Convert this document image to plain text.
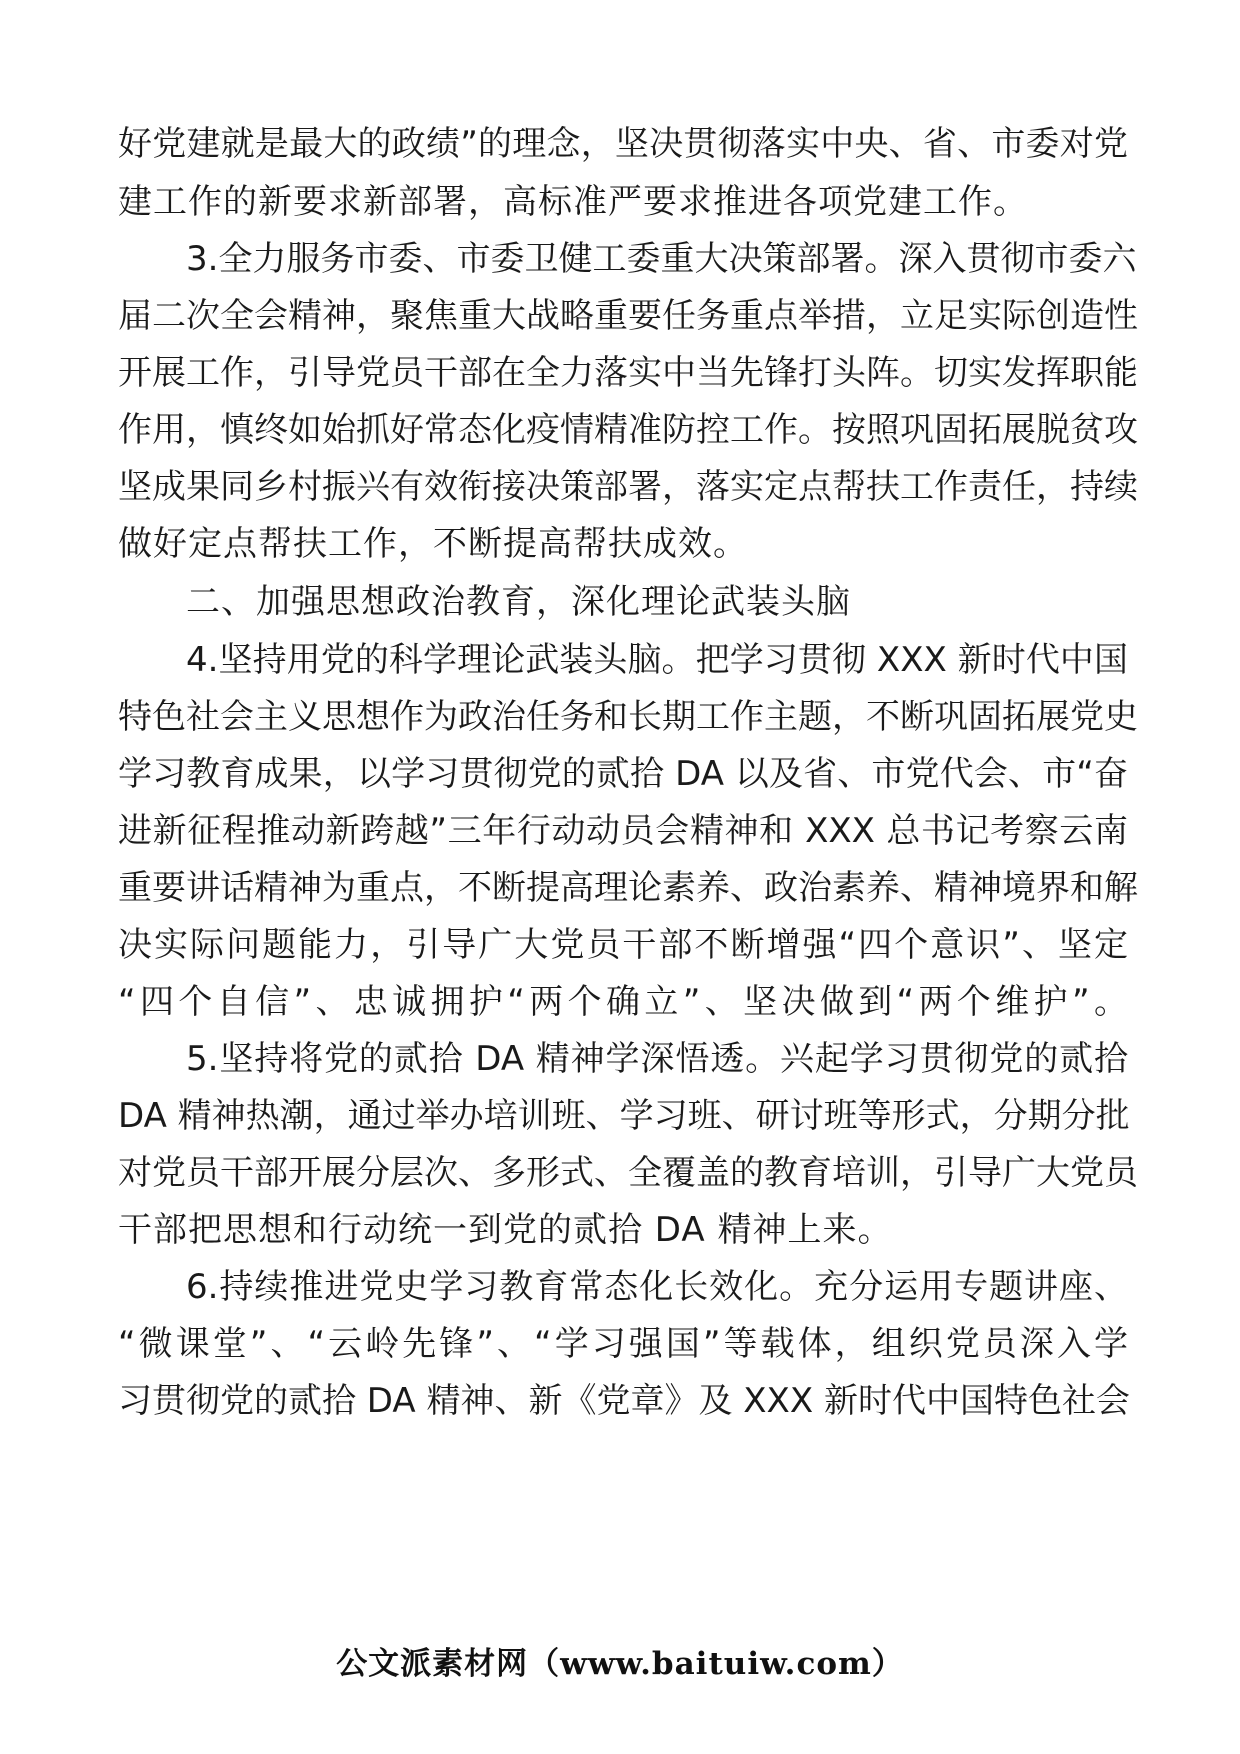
好党建就是最大的政绩”的理念，坚决贯彻落实中央、省、市委对党
建工作的新要求新部署，高标准严要求推进各项党建工作。
3.全力服务市委、市委卫健工委重大决策部署。深入贯彻市委六
届二次全会精神，聚焦重大战略重要任务重点举措，立足实际创造性
开展工作，引导党员干部在全力落实中当先锋打头阵。切实发挥职能
作用，慎终如始抓好常态化疫情精准防控工作。按照巩固拓展脱贫攻
坚成果同乡村振兴有效衔接决策部署，落实定点帮扶工作责任，持续
做好定点帮扶工作，不断提高帮扶成效。
二、加强思想政治教育，深化理论武装头脑
4.坚持用党的科学理论武装头脑。把学习贯彻 XXX 新时代中国
特色社会主义思想作为政治任务和长期工作主题，不断巩固拓展党史
学习教育成果，以学习贯彻党的贰拾 DA 以及省、市党代会、市“奋
进新征程推动新跨越”三年行动动员会精神和 XXX 总书记考察云南
重要讲话精神为重点，不断提高理论素养、政治素养、精神境界和解
决实际问题能力，引导广大党员干部不断增强“四个意识”、坚定
“四个自信”、忠诚拥护“两个确立”、坚决做到“两个维护”。
5.坚持将党的贰拾 DA 精神学深悟透。兴起学习贯彻党的贰拾
DA 精神热潮，通过举办培训班、学习班、研讨班等形式，分期分批
对党员干部开展分层次、多形式、全覆盖的教育培训，引导广大党员
干部把思想和行动统一到党的贰拾 DA 精神上来。
6.持续推进党史学习教育常态化长效化。充分运用专题讲座、
“微课堂”、“云岭先锋”、“学习强国”等载体，组织党员深入学
习贯彻党的贰拾 DA 精神、新《党章》及 XXX 新时代中国特色社会
公文派素材网（www.baituiw.com）
